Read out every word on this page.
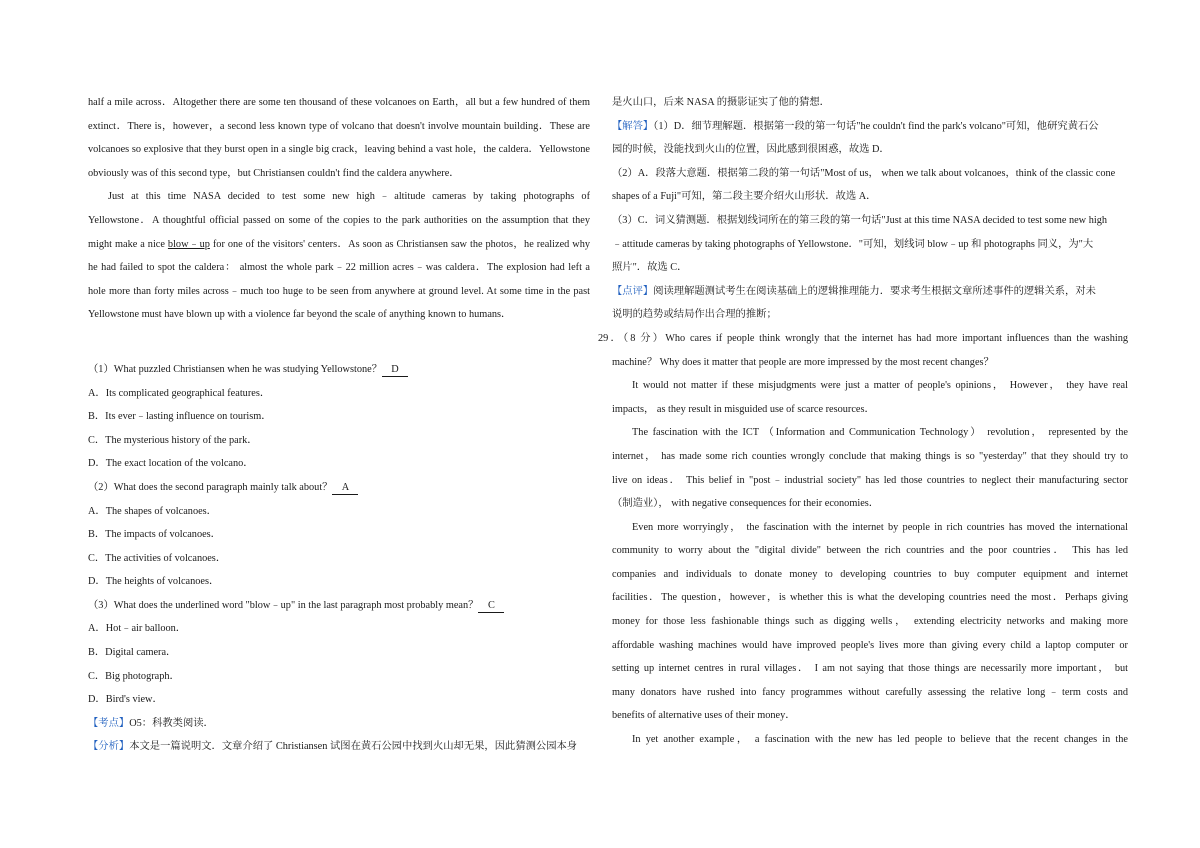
half a mile across．Altogether there are some ten thousand of these volcanoes on Earth，all but a few hundred of them
extinct．There is，however，a second less known type of volcano that doesn't involve mountain building．These are
volcanoes so explosive that they burst open in a single big crack，leaving behind a vast hole，the caldera．Yellowstone
obviously was of this second type，but Christiansen couldn't find the caldera anywhere．
Just at this time NASA decided to test some new high﹣altitude cameras by taking photographs of
Yellowstone．A thoughtful official passed on some of the copies to the park authorities on the assumption that they
might make a nice blow﹣up for one of the visitors' centers．As soon as Christiansen saw the photos，he realized why
he had failed to spot the caldera： almost the whole park﹣22 million acres﹣was caldera．The explosion had left a
hole more than forty miles across﹣much too huge to be seen from anywhere at ground level. At some time in the past
Yellowstone must have blown up with a violence far beyond the scale of anything known to humans．
（1）What puzzled Christiansen when he was studying Yellowstone？ D
A．Its complicated geographical features．
B．Its ever﹣lasting influence on tourism．
C．The mysterious history of the park．
D．The exact location of the volcano．
（2）What does the second paragraph mainly talk about？ A
A．The shapes of volcanoes．
B．The impacts of volcanoes．
C．The activities of volcanoes．
D．The heights of volcanoes．
（3）What does the underlined word "blow﹣up" in the last paragraph most probably mean？ C
A．Hot﹣air balloon．
B．Digital camera．
C．Big photograph．
D．Bird's view．
【考点】O5：科教类阅读．
【分析】本文是一篇说明文．文章介绍了 Christiansen 试图在黄石公园中找到火山却无果，因此猜测公园本身
是火山口，后来 NASA 的摄影证实了他的猜想．
【解答】（1）D．细节理解题．根据第一段的第一句话"he couldn't find the park's volcano"可知，他研究黄石公
园的时候，没能找到火山的位置，因此感到很困惑，故选 D．
（2）A．段落大意题．根据第二段的第一句话"Most of us， when we talk about volcanoes，think of the classic cone
shapes of a Fuji"可知，第二段主要介绍火山形状．故选 A．
（3）C．词义猜测题．根据划线词所在的第三段的第一句话"Just at this time NASA decided to test some new high
﹣attitude cameras by taking photographs of Yellowstone．"可知，划线词 blow﹣up 和 photographs 同义，为"大
照片"．故选 C．
【点评】阅读理解题测试考生在阅读基础上的逻辑推理能力．要求考生根据文章所述事件的逻辑关系，对未
说明的趋势或结局作出合理的推断；
29．（8 分）Who cares if people think wrongly that the internet has had more important influences than the washing
machine？ Why does it matter that people are more impressed by the most recent changes？
It would not matter if these misjudgments were just a matter of people's opinions， However， they have real
impacts， as they result in misguided use of scarce resources．
The fascination with the ICT （Information and Communication Technology） revolution， represented by the
internet， has made some rich counties wrongly conclude that making things is so "yesterday" that they should try to
live on ideas． This belief in "post﹣industrial society" has led those countries to neglect their manufacturing sector
（制造业）， with negative consequences for their economies．
Even more worryingly， the fascination with the internet by people in rich countries has moved the international
community to worry about the "digital divide" between the rich countries and the poor countries． This has led
companies and individuals to donate money to developing countries to buy computer equipment and internet
facilities．The question，however，is whether this is what the developing countries need the most．Perhaps giving
money for those less fashionable things such as digging wells， extending electricity networks and making more
affordable washing machines would have improved people's lives more than giving every child a laptop computer or
setting up internet centres in rural villages． I am not saying that those things are necessarily more important， but
many donators have rushed into fancy programmes without carefully assessing the relative long﹣term costs and
benefits of alternative uses of their money．
In yet another example， a fascination with the new has led people to believe that the recent changes in the
